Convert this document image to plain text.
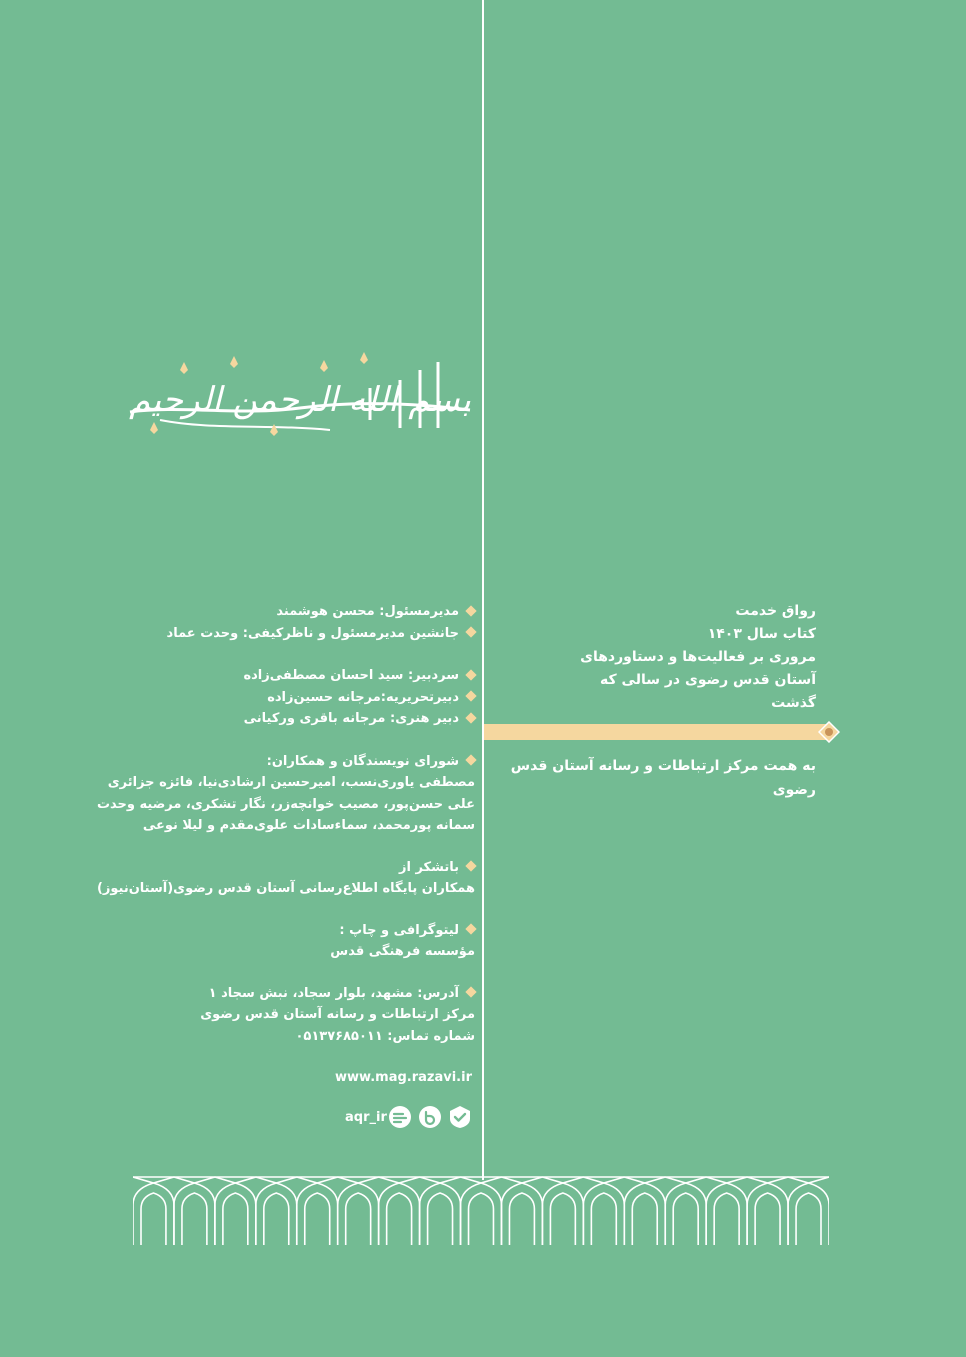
بسم الله الرحمن الرحیم
رواق خدمت
کتاب سال ۱۴۰۳
مروری بر فعالیت‌ها و دستاوردهای
آستان قدس رضوی در سالی که گذشت
به همت مرکز ارتباطات و رسانه آستان قدس رضوی
مدیرمسئول: محسن هوشمند
جانشین مدیرمسئول و ناظرکیفی: وحدت عماد
سردبیر: سید احسان مصطفی‌زاده
دبیرتحریریه:مرجانه حسین‌زاده
دبیر هنری: مرجانه باقری ورکیانی
شورای نویسندگان و همکاران:
مصطفی یاوری‌نسب، امیرحسین ارشادی‌نیا، فائزه جزائری
علی حسن‌پور، مصیب خوانچه‌زر، نگار تشکری، مرضیه وحدت
سمانه پورمحمد، سماءسادات علوی‌مقدم و لیلا نوعی
باتشکر از
همکاران پایگاه اطلاع‌رسانی آستان قدس رضوی(آستان‌نیوز)
لیتوگرافی و چاپ :
مؤسسه فرهنگی قدس
آدرس: مشهد، بلوار سجاد، نبش سجاد ۱
مرکز ارتباطات و رسانه آستان قدس رضوی
شماره تماس: ۰۵۱۳۷۶۸۵۰۱۱
www.mag.razavi.ir
aqr_ir
